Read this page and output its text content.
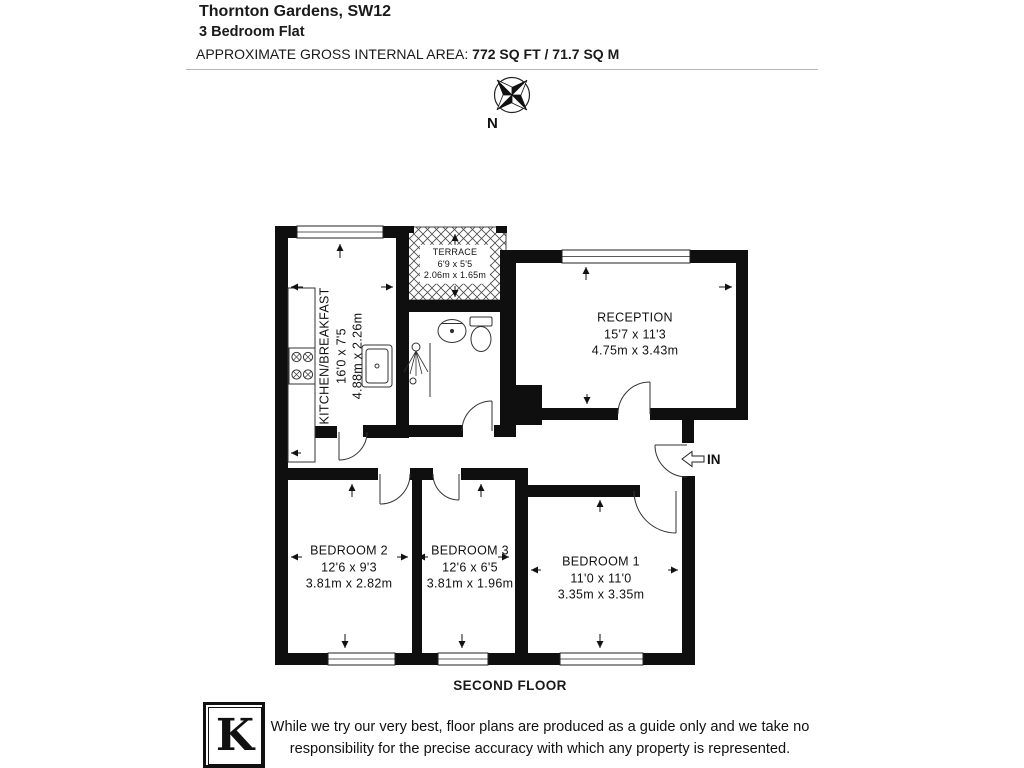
Thornton Gardens, SW12
3 Bedroom Flat
APPROXIMATE GROSS INTERNAL AREA: 772 SQ FT / 71.7 SQ M
N
IN
TERRACE
6'9 x 5'5
2.06m x 1.65m
KITCHEN/BREAKFAST 16'0 x 7'5 4.88m x 2.26m	RECEPTION
15'7 x 11'3
4.75m x 3.43m
BEDROOM 2
12'6 x 9'3
3.81m x 2.82m
BEDROOM 3
12'6 x 6'5
3.81m x 1.96m
BEDROOM 1
11'0 x 11'0
3.35m x 3.35m
SECOND FLOOR
K	While we try our very best, floor plans are produced as a guide only and we take no
responsibility for the precise accuracy with which any property is represented.
